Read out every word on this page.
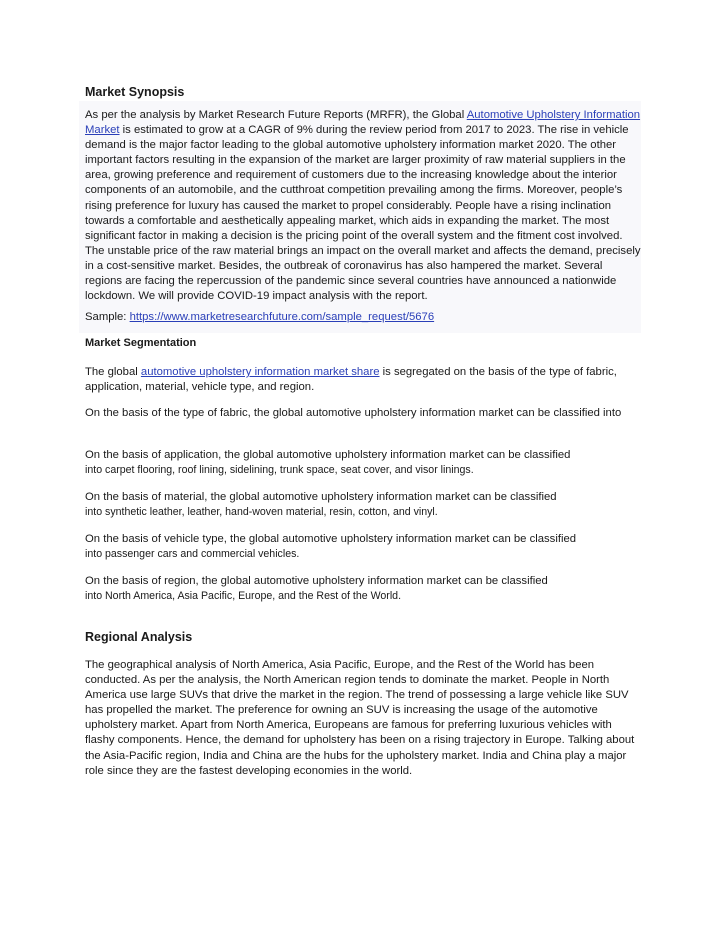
Market Synopsis

As per the analysis by Market Research Future Reports (MRFR), the Global Automotive Upholstery Information Market is estimated to grow at a CAGR of 9% during the review period from 2017 to 2023. The rise in vehicle demand is the major factor leading to the global automotive upholstery information market 2020. The other important factors resulting in the expansion of the market are larger proximity of raw material suppliers in the area, growing preference and requirement of customers due to the increasing knowledge about the interior components of an automobile, and the cutthroat competition prevailing among the firms. Moreover, people’s rising preference for luxury has caused the market to propel considerably. People have a rising inclination towards a comfortable and aesthetically appealing market, which aids in expanding the market. The most significant factor in making a decision is the pricing point of the overall system and the fitment cost involved. The unstable price of the raw material brings an impact on the overall market and affects the demand, precisely in a cost-sensitive market. Besides, the outbreak of coronavirus has also hampered the market. Several regions are facing the repercussion of the pandemic since several countries have announced a nationwide lockdown. We will provide COVID-19 impact analysis with the report.

Sample: https://www.marketresearchfuture.com/sample_request/5676

Market Segmentation

The global automotive upholstery information market share is segregated on the basis of the type of fabric, application, material, vehicle type, and region.

On the basis of the type of fabric, the global automotive upholstery information market can be classified into

On the basis of application, the global automotive upholstery information market can be classified
into carpet flooring, roof lining, sidelining, trunk space, seat cover, and visor linings.

On the basis of material, the global automotive upholstery information market can be classified
into synthetic leather, leather, hand-woven material, resin, cotton, and vinyl.

On the basis of vehicle type, the global automotive upholstery information market can be classified
into passenger cars and commercial vehicles.

On the basis of region, the global automotive upholstery information market can be classified
into North America, Asia Pacific, Europe, and the Rest of the World.

Regional Analysis

The geographical analysis of North America, Asia Pacific, Europe, and the Rest of the World has been conducted. As per the analysis, the North American region tends to dominate the market. People in North America use large SUVs that drive the market in the region. The trend of possessing a large vehicle like SUV has propelled the market. The preference for owning an SUV is increasing the usage of the automotive upholstery market. Apart from North America, Europeans are famous for preferring luxurious vehicles with flashy components. Hence, the demand for upholstery has been on a rising trajectory in Europe. Talking about the Asia-Pacific region, India and China are the hubs for the upholstery market. India and China play a major role since they are the fastest developing economies in the world.
